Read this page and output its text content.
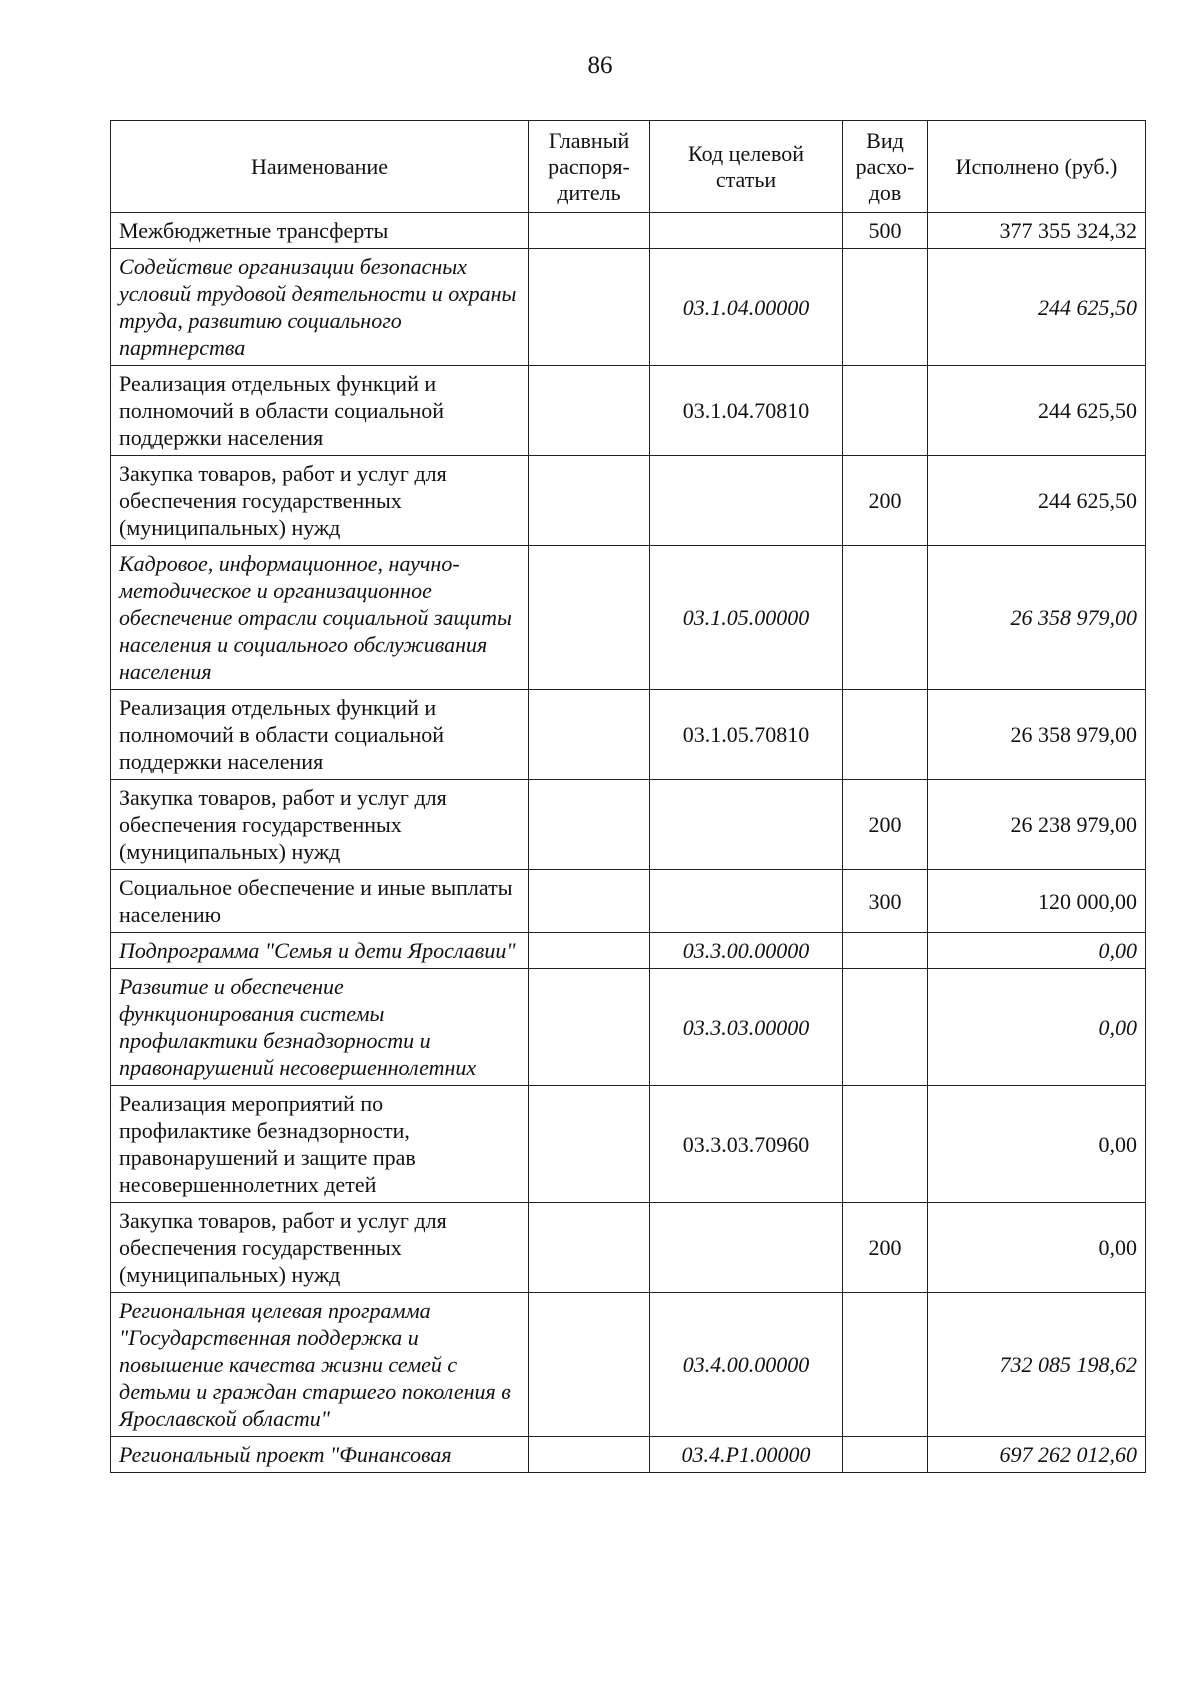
86
Наименование	Главный распоря-дитель	Код целевой статьи	Вид расхо-дов	Исполнено (руб.)
Межбюджетные трансферты			500	377 355 324,32
Содействие организации безопасных условий трудовой деятельности и охраны труда, развитию социального партнерства		03.1.04.00000		244 625,50
Реализация отдельных функций и полномочий в области социальной поддержки населения		03.1.04.70810		244 625,50
Закупка товаров, работ и услуг для обеспечения государственных (муниципальных) нужд			200	244 625,50
Кадровое, информационное, научно-методическое и организационное обеспечение отрасли социальной защиты населения и социального обслуживания населения		03.1.05.00000		26 358 979,00
Реализация отдельных функций и полномочий в области социальной поддержки населения		03.1.05.70810		26 358 979,00
Закупка товаров, работ и услуг для обеспечения государственных (муниципальных) нужд			200	26 238 979,00
Социальное обеспечение и иные выплаты населению			300	120 000,00
Подпрограмма "Семья и дети Ярославии"		03.3.00.00000		0,00
Развитие и обеспечение функционирования системы профилактики безнадзорности и правонарушений несовершеннолетних		03.3.03.00000		0,00
Реализация мероприятий по профилактике безнадзорности, правонарушений и защите прав несовершеннолетних детей		03.3.03.70960		0,00
Закупка товаров, работ и услуг для обеспечения государственных (муниципальных) нужд			200	0,00
Региональная целевая программа "Государственная поддержка и повышение качества жизни семей с детьми и граждан старшего поколения в Ярославской области"		03.4.00.00000		732 085 198,62
Региональный проект "Финансовая		03.4.P1.00000		697 262 012,60
